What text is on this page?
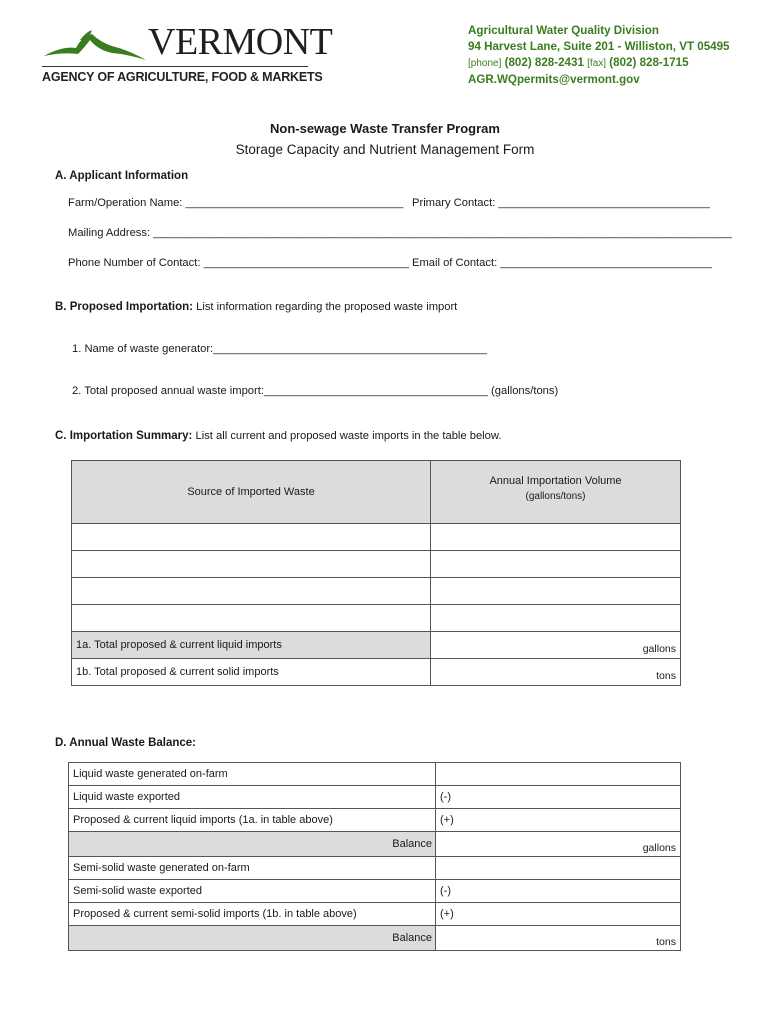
VERMONT
AGENCY OF AGRICULTURE, FOOD & MARKETS
Agricultural Water Quality Division
94 Harvest Lane, Suite 201 - Williston, VT 05495
[phone] (802) 828-2431 [fax] (802) 828-1715
AGR.WQpermits@vermont.gov
Non-sewage Waste Transfer Program
Storage Capacity and Nutrient Management Form
A. Applicant Information
Farm/Operation Name: ___________________________________ Primary Contact: __________________________________
Mailing Address: _____________________________________________________________________________________________
Phone Number of Contact: _________________________________ Email of Contact: __________________________________
B. Proposed Importation: List information regarding the proposed waste import
1. Name of waste generator:____________________________________________
2. Total proposed annual waste import:____________________________________ (gallons/tons)
C. Importation Summary: List all current and proposed waste imports in the table below.
Source of Imported Waste	Annual Importation Volume
(gallons/tons)

1a. Total proposed & current liquid imports	gallons
1b. Total proposed & current solid imports	tons
D. Annual Waste Balance:
Liquid waste generated on-farm	
Liquid waste exported	(-)
Proposed & current liquid imports (1a. in table above)	(+)
Balance	gallons
Semi-solid waste generated on-farm	
Semi-solid waste exported	(-)
Proposed & current semi-solid imports (1b. in table above)	(+)
Balance	tons
